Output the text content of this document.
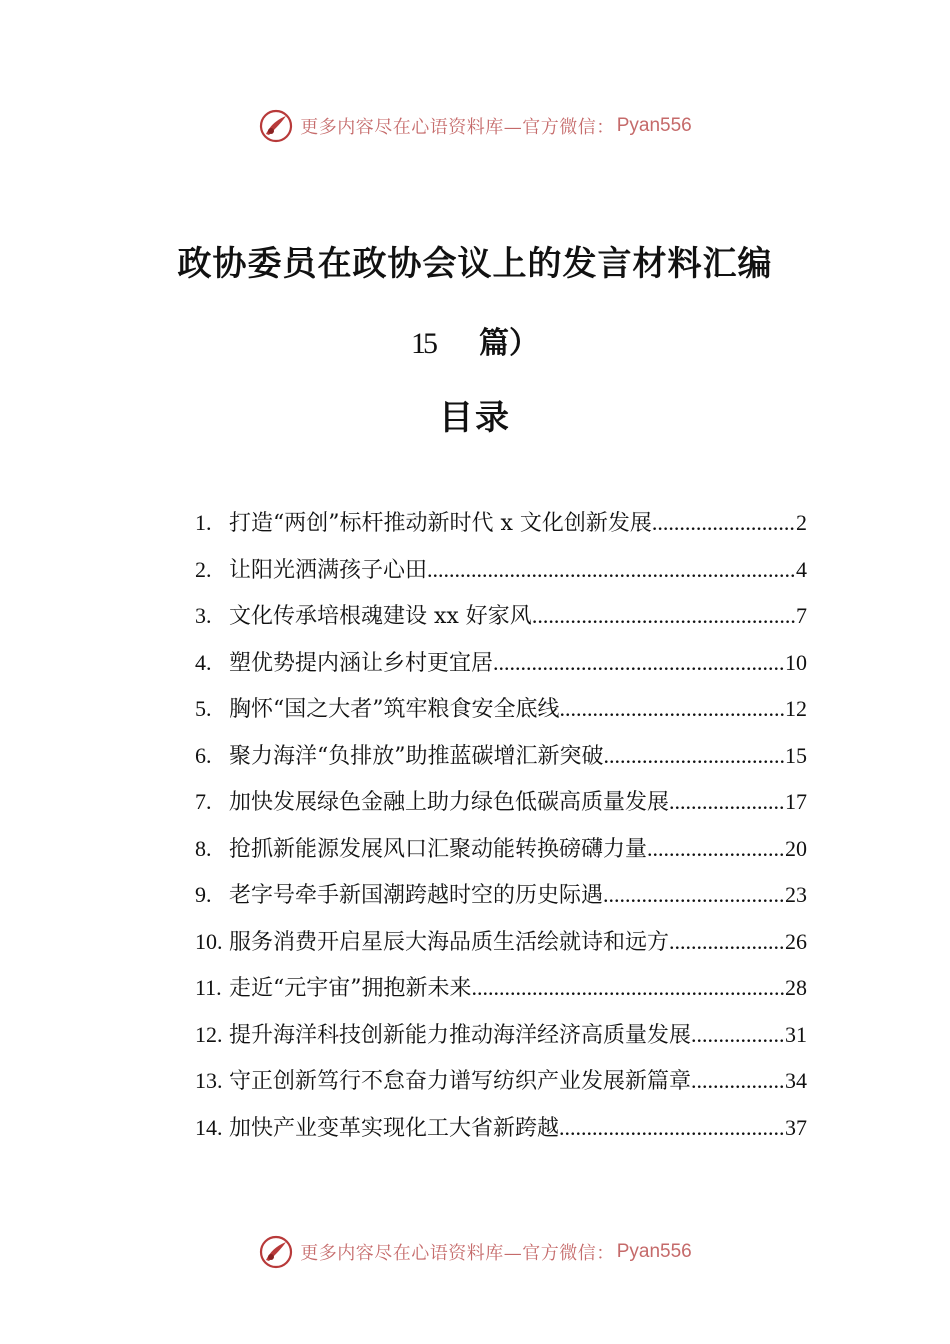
更多内容尽在心语资料库—官方微信： Pyan556
政协委员在政协会议上的发言材料汇编
15 篇）
目录
1. 打造“两创”标杆推动新时代 x 文化创新发展 .....	2
2. 让阳光洒满孩子心田 .....	4
3. 文化传承培根魂建设 xx 好家风 .....	7
4. 塑优势提内涵让乡村更宜居 .....	10
5. 胸怀“国之大者”筑牢粮食安全底线 .....	12
6. 聚力海洋“负排放”助推蓝碳增汇新突破 .....	15
7. 加快发展绿色金融上助力绿色低碳高质量发展 .....	17
8. 抢抓新能源发展风口汇聚动能转换磅礴力量 .....	20
9. 老字号牵手新国潮跨越时空的历史际遇 .....	23
10. 服务消费开启星辰大海品质生活绘就诗和远方 .....	26
11. 走近“元宇宙”拥抱新未来 .....	28
12. 提升海洋科技创新能力推动海洋经济高质量发展 .....	31
13. 守正创新笃行不怠奋力谱写纺织产业发展新篇章 .....	34
14. 加快产业变革实现化工大省新跨越 .....	37
更多内容尽在心语资料库—官方微信： Pyan556
